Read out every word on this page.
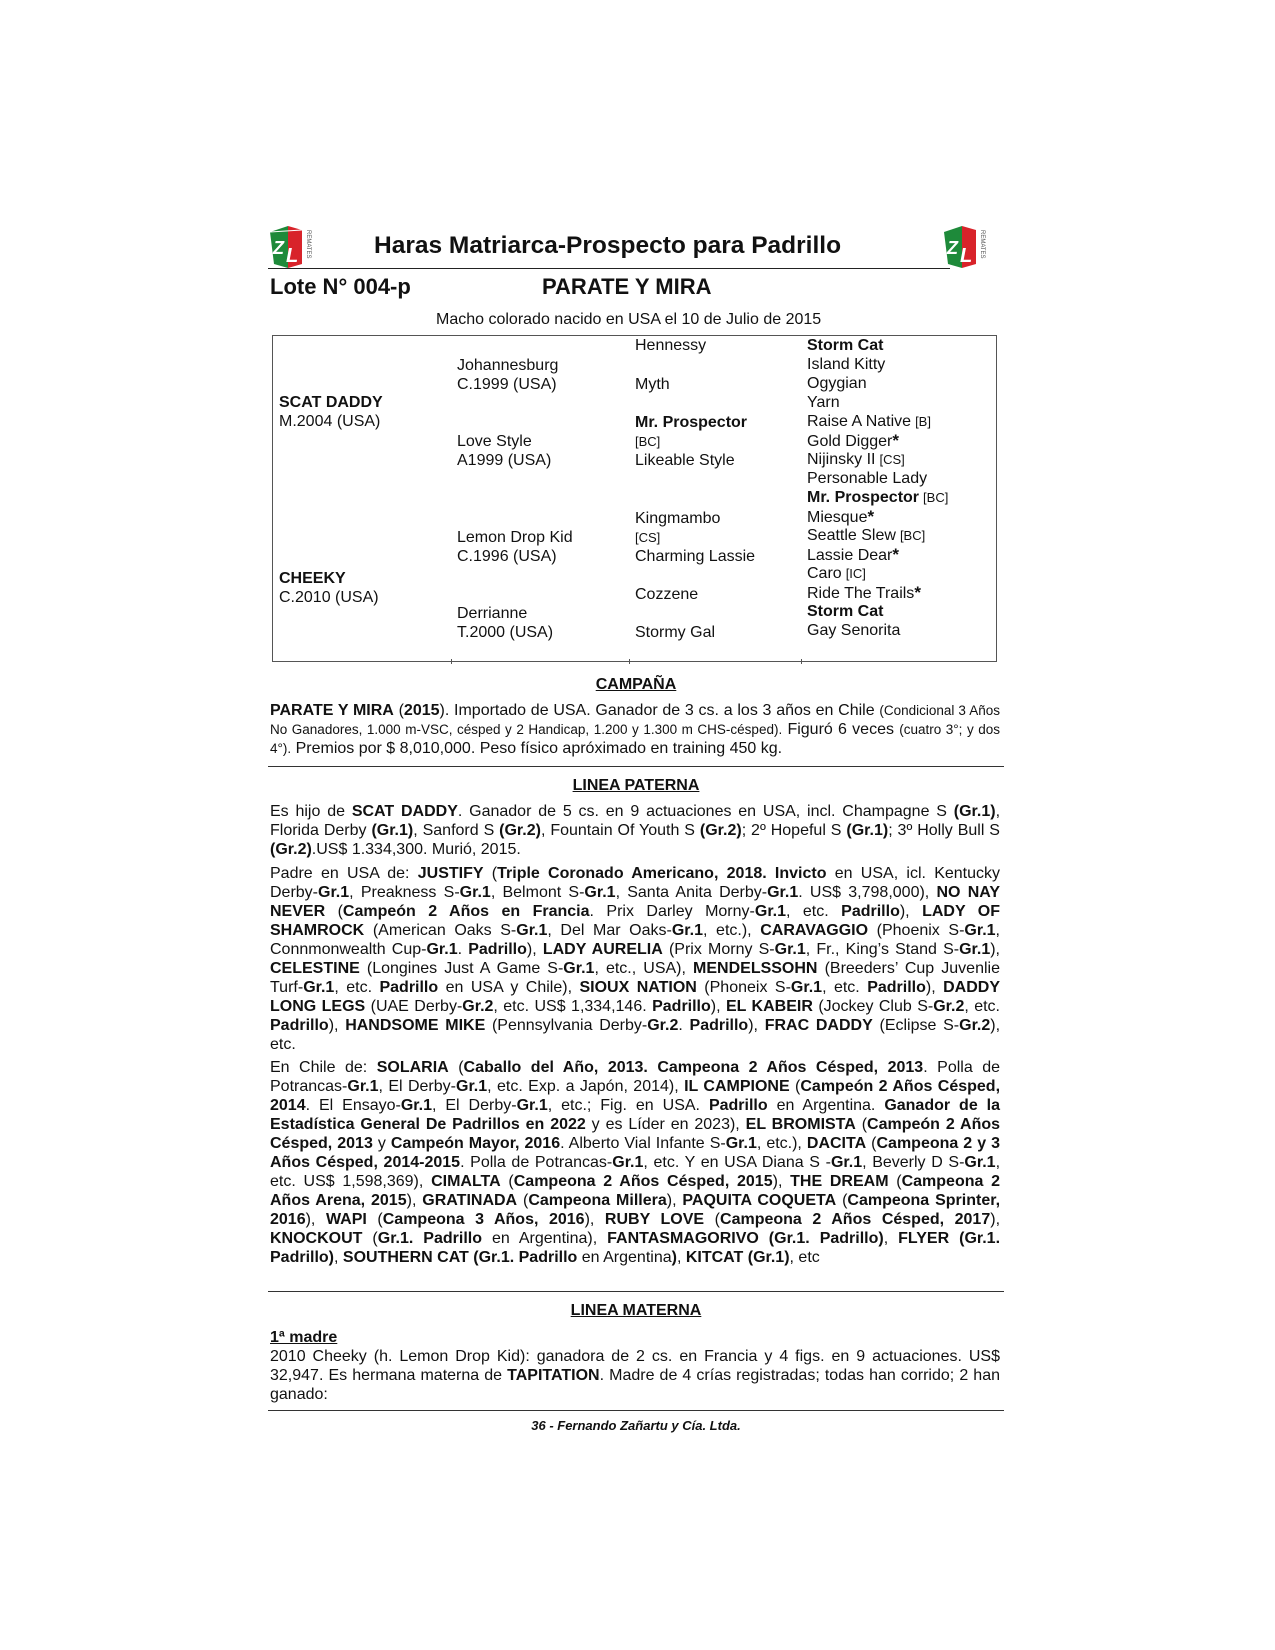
Z L REMATES	Z L REMATES
Haras Matriarca-Prospecto para Padrillo
Lote N° 004-p	PARATE Y MIRA
Macho colorado nacido en USA el 10 de Julio de 2015
SCAT DADDY
M.2004 (USA)
CHEEKY
C.2010 (USA)
Johannesburg
C.1999 (USA)
Love Style
A1999 (USA)
Lemon Drop Kid
C.1996 (USA)
Derrianne
T.2000 (USA)
Hennessy
Myth
Mr. Prospector
[BC]
Likeable Style
Kingmambo
[CS]
Charming Lassie
Cozzene
Stormy Gal
Storm Cat
Island Kitty
Ogygian
Yarn
Raise A Native [B]
Gold Digger*
Nijinsky II [CS]
Personable Lady
Mr. Prospector [BC]
Miesque*
Seattle Slew [BC]
Lassie Dear*
Caro [IC]
Ride The Trails*
Storm Cat
Gay Senorita
CAMPAÑA
PARATE Y MIRA (2015). Importado de USA. Ganador de 3 cs. a los 3 años en Chile (Condicional 3 Años No Ganadores, 1.000 m-VSC, césped y 2 Handicap, 1.200 y 1.300 m CHS-césped). Figuró 6 veces (cuatro 3°; y dos 4°). Premios por $ 8,010,000. Peso físico apróximado en training 450 kg.
LINEA PATERNA
Es hijo de SCAT DADDY. Ganador de 5 cs. en 9 actuaciones en USA, incl. Champagne S (Gr.1), Florida Derby (Gr.1), Sanford S (Gr.2), Fountain Of Youth S (Gr.2); 2º Hopeful S (Gr.1); 3º Holly Bull S (Gr.2).US$ 1.334,300. Murió, 2015.
Padre en USA de: JUSTIFY (Triple Coronado Americano, 2018. Invicto en USA, icl. Kentucky Derby-Gr.1, Preakness S-Gr.1, Belmont S-Gr.1, Santa Anita Derby-Gr.1. US$ 3,798,000), NO NAY NEVER (Campeón 2 Años en Francia. Prix Darley Morny-Gr.1, etc. Padrillo), LADY OF SHAMROCK (American Oaks S-Gr.1, Del Mar Oaks-Gr.1, etc.), CARAVAGGIO (Phoenix S-Gr.1, Connmonwealth Cup-Gr.1. Padrillo), LADY AURELIA (Prix Morny S-Gr.1, Fr., King’s Stand S-Gr.1), CELESTINE (Longines Just A Game S-Gr.1, etc., USA), MENDELSSOHN (Breeders’ Cup Juvenlie Turf-Gr.1, etc. Padrillo en USA y Chile), SIOUX NATION (Phoneix S-Gr.1, etc. Padrillo), DADDY LONG LEGS (UAE Derby-Gr.2, etc. US$ 1,334,146. Padrillo), EL KABEIR (Jockey Club S-Gr.2, etc. Padrillo), HANDSOME MIKE (Pennsylvania Derby-Gr.2. Padrillo), FRAC DADDY (Eclipse S-Gr.2), etc.
En Chile de: SOLARIA (Caballo del Año, 2013. Campeona 2 Años Césped, 2013. Polla de Potrancas-Gr.1, El Derby-Gr.1, etc. Exp. a Japón, 2014), IL CAMPIONE (Campeón 2 Años Césped, 2014. El Ensayo-Gr.1, El Derby-Gr.1, etc.; Fig. en USA. Padrillo en Argentina. Ganador de la Estadística General De Padrillos en 2022 y es Líder en 2023), EL BROMISTA (Campeón 2 Años Césped, 2013 y Campeón Mayor, 2016. Alberto Vial Infante S-Gr.1, etc.), DACITA (Campeona 2 y 3 Años Césped, 2014-2015. Polla de Potrancas-Gr.1, etc. Y en USA Diana S -Gr.1, Beverly D S-Gr.1, etc. US$ 1,598,369), CIMALTA (Campeona 2 Años Césped, 2015), THE DREAM (Campeona 2 Años Arena, 2015), GRATINADA (Campeona Millera), PAQUITA COQUETA (Campeona Sprinter, 2016), WAPI (Campeona 3 Años, 2016), RUBY LOVE (Campeona 2 Años Césped, 2017), KNOCKOUT (Gr.1. Padrillo en Argentina), FANTASMAGORIVO (Gr.1. Padrillo), FLYER (Gr.1. Padrillo), SOUTHERN CAT (Gr.1. Padrillo en Argentina), KITCAT (Gr.1), etc
LINEA MATERNA
1ª madre
2010 Cheeky (h. Lemon Drop Kid): ganadora de 2 cs. en Francia y 4 figs. en 9 actuaciones. US$ 32,947. Es hermana materna de TAPITATION. Madre de 4 crías registradas; todas han corrido; 2 han ganado:
36 - Fernando Zañartu y Cía. Ltda.
